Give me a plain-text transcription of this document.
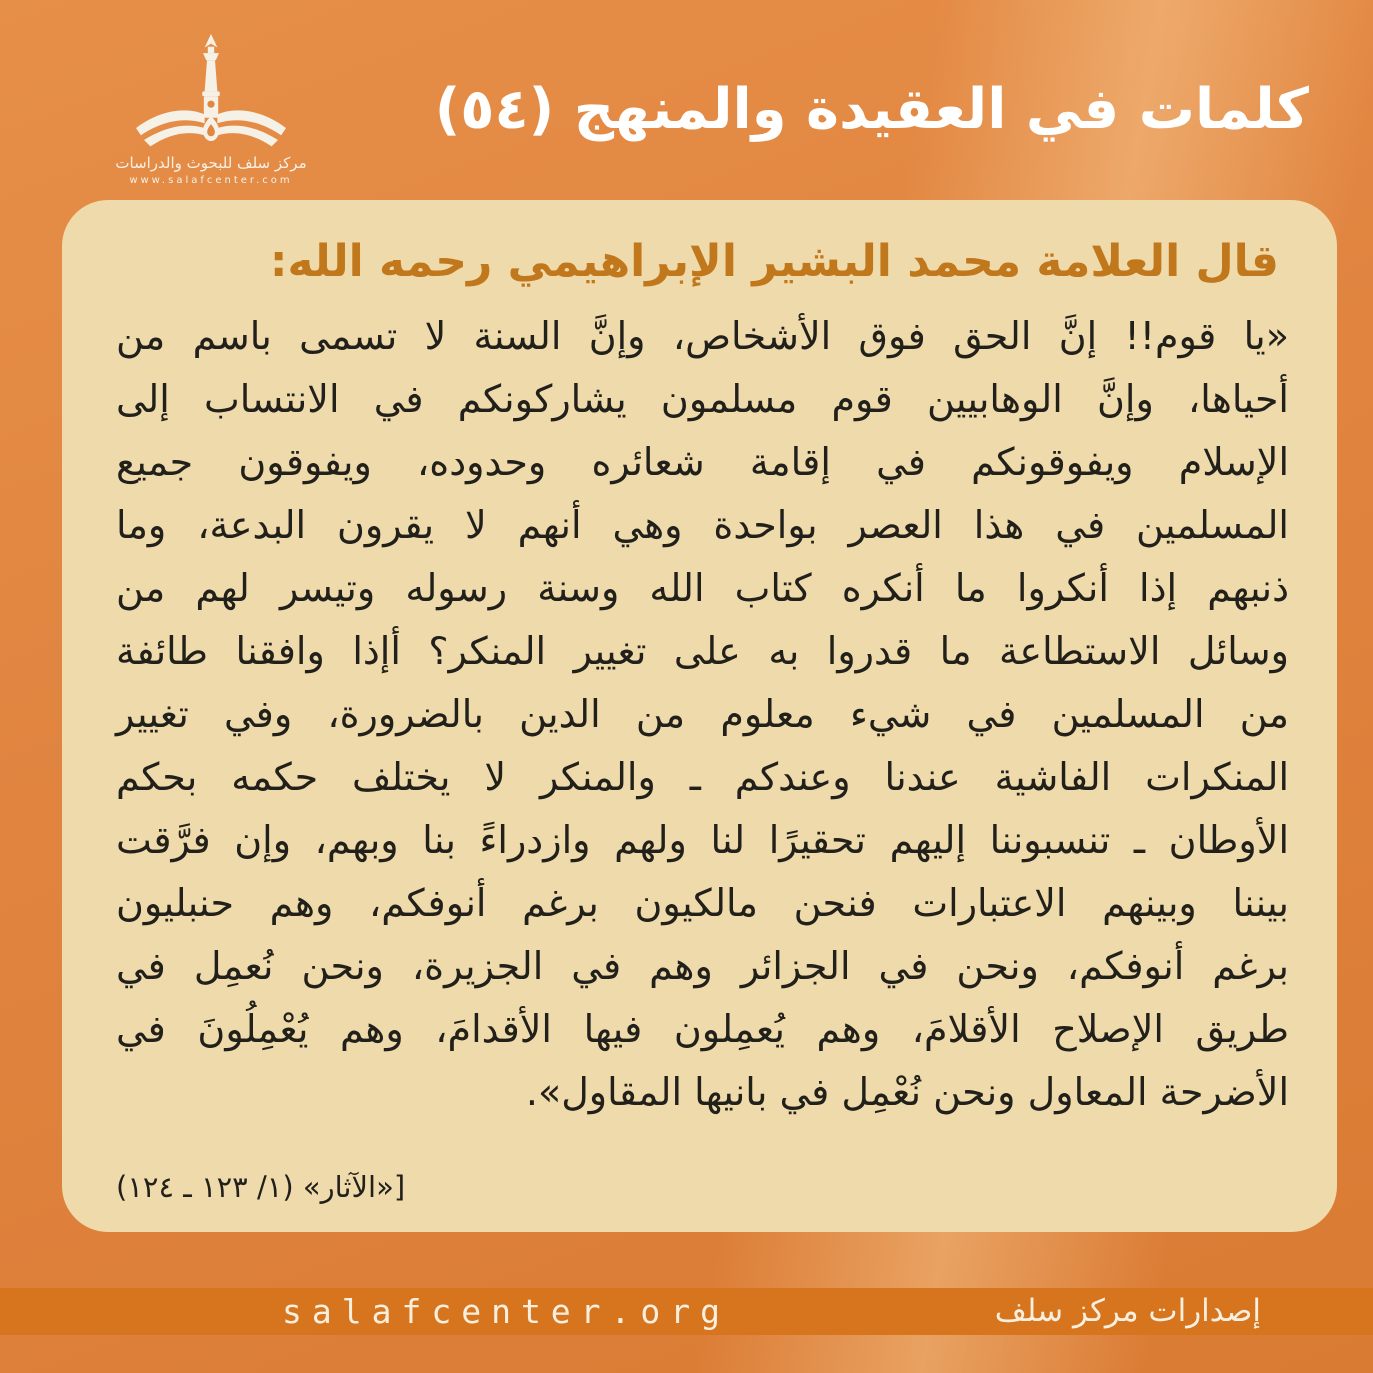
مركز سلف للبحوث والدراسات
www.salafcenter.com
كلمات في العقيدة والمنهج (٥٤)

قال العلامة محمد البشير الإبراهيمي رحمه الله:

«يا قوم!! إنَّ الحق فوق الأشخاص، وإنَّ السنة لا تسمى باسم من
أحياها، وإنَّ الوهابيين قوم مسلمون يشاركونكم في الانتساب إلى
الإسلام ويفوقونكم في إقامة شعائره وحدوده، ويفوقون جميع
المسلمين في هذا العصر بواحدة وهي أنهم لا يقرون البدعة، وما
ذنبهم إذا أنكروا ما أنكره كتاب الله وسنة رسوله وتيسر لهم من
وسائل الاستطاعة ما قدروا به على تغيير المنكر؟ أإذا وافقنا طائفة
من المسلمين في شيء معلوم من الدين بالضرورة، وفي تغيير
المنكرات الفاشية عندنا وعندكم ـ والمنكر لا يختلف حكمه بحكم
الأوطان ـ تنسبوننا إليهم تحقيرًا لنا ولهم وازدراءً بنا وبهم، وإن فرَّقت
بيننا وبينهم الاعتبارات فنحن مالكيون برغم أنوفكم، وهم حنبليون
برغم أنوفكم، ونحن في الجزائر وهم في الجزيرة، ونحن نُعمِل في
طريق الإصلاح الأقلامَ، وهم يُعمِلون فيها الأقدامَ، وهم يُعْمِلُونَ في
الأضرحة المعاول ونحن نُعْمِل في بانيها المقاول».

[«الآثار» (١/ ١٢٣ ـ ١٢٤)

salafcenter.org	إصدارات مركز سلف
